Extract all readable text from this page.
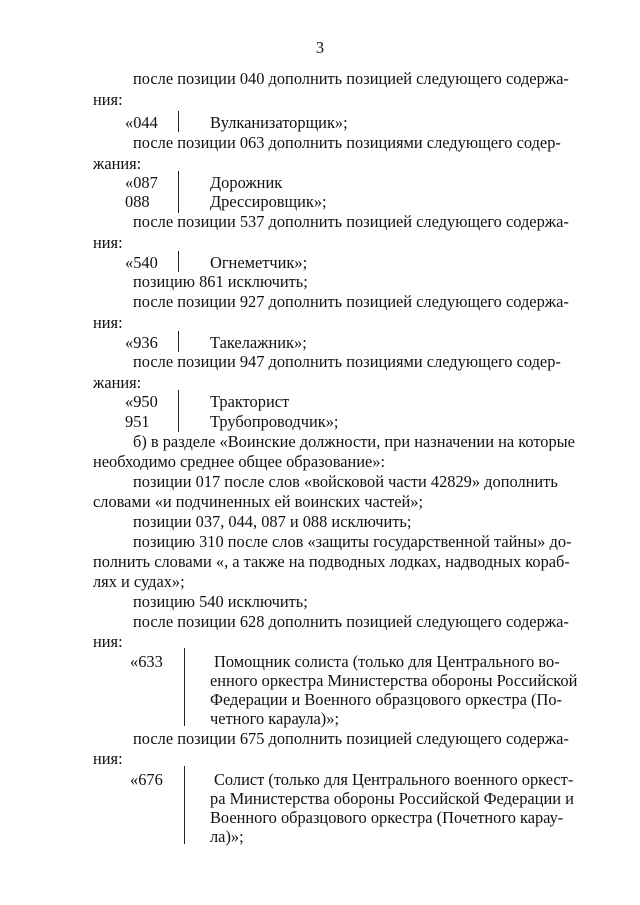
3
после позиции 040 дополнить позицией следующего содержа-
ния:
«044	Вулканизаторщик»;
после позиции 063 дополнить позициями следующего содер-
жания:
«087	Дорожник
088	Дрессировщик»;
после позиции 537 дополнить позицией следующего содержа-
ния:
«540	Огнеметчик»;
позицию 861 исключить;
после позиции 927 дополнить позицией следующего содержа-
ния:
«936	Такелажник»;
после позиции 947 дополнить позициями следующего содер-
жания:
«950	Тракторист
951	Трубопроводчик»;
б) в разделе «Воинские должности, при назначении на которые
необходимо среднее общее образование»:
позиции 017 после слов «войсковой части 42829» дополнить
словами «и подчиненных ей воинских частей»;
позиции 037, 044, 087 и 088 исключить;
позицию 310 после слов «защиты государственной тайны» до-
полнить словами «, а также на подводных лодках, надводных кораб-
лях и судах»;
позицию 540 исключить;
после позиции 628 дополнить позицией следующего содержа-
ния:
«633	Помощник солиста (только для Центрального во-
енного оркестра Министерства обороны Российской
Федерации и Военного образцового оркестра (По-
четного караула)»;
после позиции 675 дополнить позицией следующего содержа-
ния:
«676	Солист (только для Центрального военного оркест-
ра Министерства обороны Российской Федерации и
Военного образцового оркестра (Почетного карау-
ла)»;
